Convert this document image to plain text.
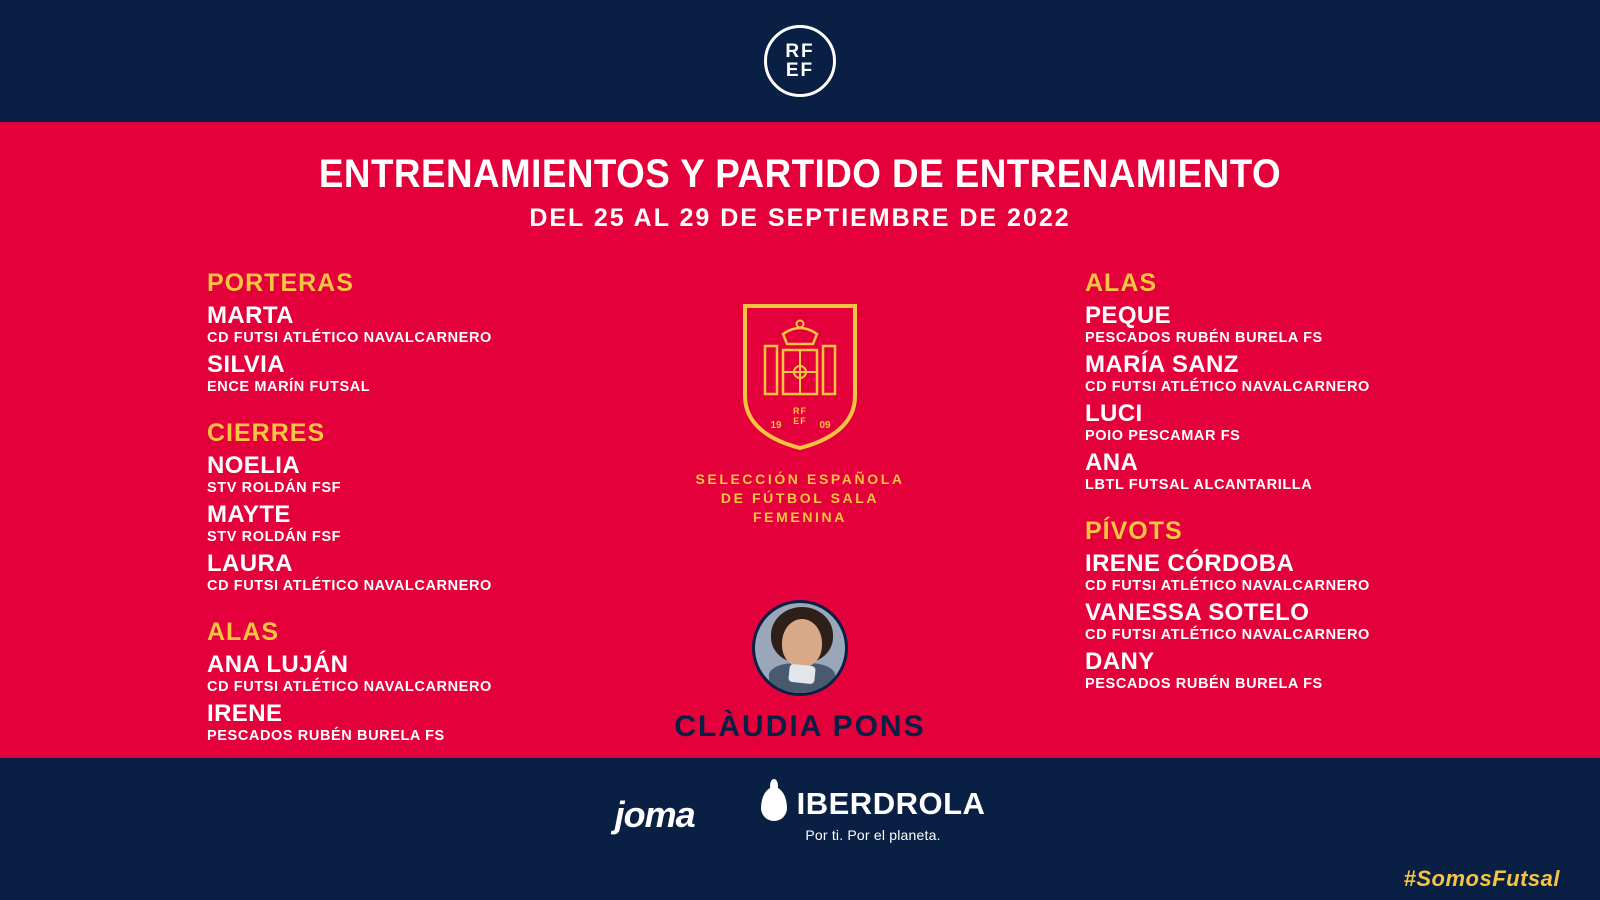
RF
EF
ENTRENAMIENTOS Y PARTIDO DE ENTRENAMIENTO
DEL 25 AL 29 DE SEPTIEMBRE DE 2022
PORTERAS
MARTA
CD FUTSI ATLÉTICO NAVALCARNERO
SILVIA
ENCE MARÍN FUTSAL
CIERRES
NOELIA
STV ROLDÁN FSF
MAYTE
STV ROLDÁN FSF
LAURA
CD FUTSI ATLÉTICO NAVALCARNERO
ALAS
ANA LUJÁN
CD FUTSI ATLÉTICO NAVALCARNERO
IRENE
PESCADOS RUBÉN BURELA FS
ALAS
PEQUE
PESCADOS RUBÉN BURELA FS
MARÍA SANZ
CD FUTSI ATLÉTICO NAVALCARNERO
LUCI
POIO PESCAMAR FS
ANA
LBTL FUTSAL ALCANTARILLA
PÍVOTS
IRENE CÓRDOBA
CD FUTSI ATLÉTICO NAVALCARNERO
VANESSA SOTELO
CD FUTSI ATLÉTICO NAVALCARNERO
DANY
PESCADOS RUBÉN BURELA FS
RF
EF
19	09
SELECCIÓN ESPAÑOLA
DE FÚTBOL SALA
FEMENINA
CLÀUDIA PONS
joma	IBERDROLA
Por ti. Por el planeta.
#SomosFutsal
